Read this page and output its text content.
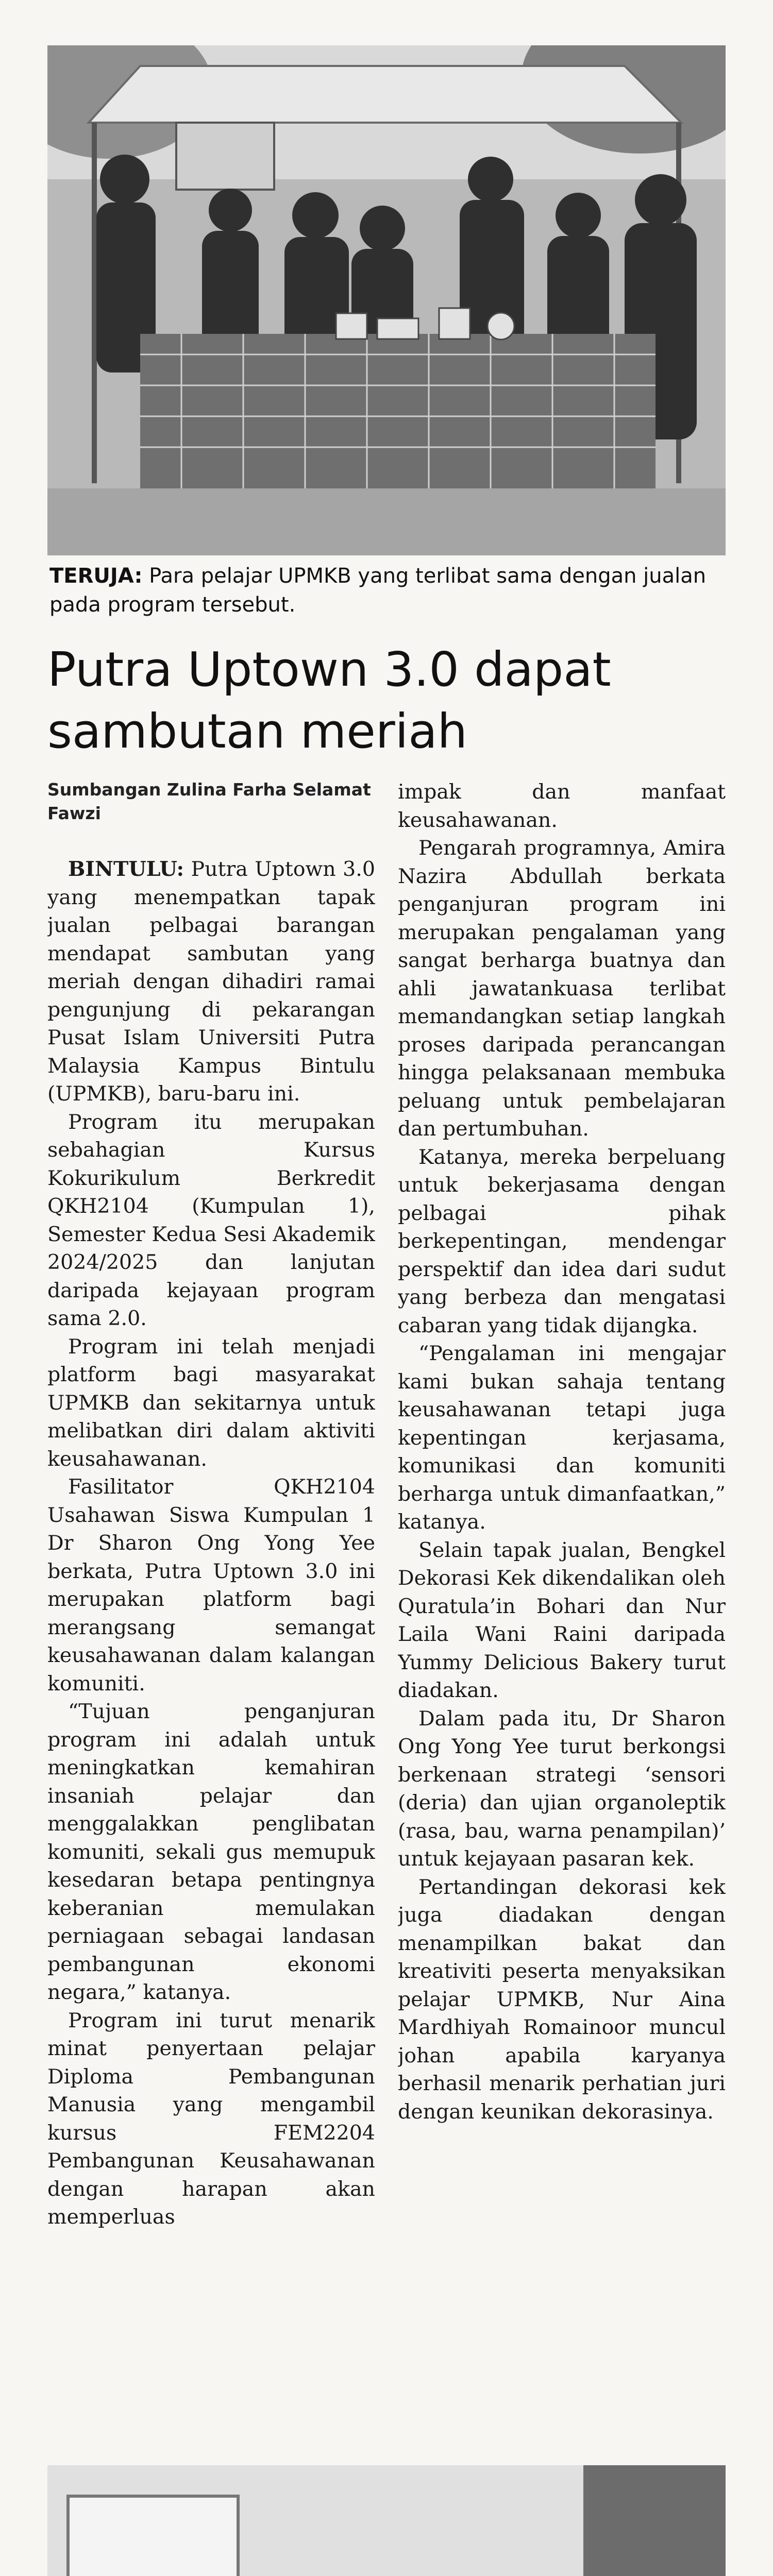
TERUJA: Para pelajar UPMKB yang terlibat sama dengan jualan pada program tersebut.
Putra Uptown 3.0 dapat sambutan meriah
Sumbangan Zulina Farha Selamat Fawzi

BINTULU: Putra Uptown 3.0 yang menempatkan tapak jualan pelbagai barangan mendapat sambutan yang meriah dengan dihadiri ramai pengunjung di pekarangan Pusat Islam Universiti Putra Malaysia Kampus Bintulu (UPMKB), baru-baru ini.

Program itu merupakan sebahagian Kursus Kokurikulum Berkredit QKH2104 (Kumpulan 1), Semester Kedua Sesi Akademik 2024/2025 dan lanjutan daripada kejayaan program sama 2.0.

Program ini telah menjadi platform bagi masyarakat UPMKB dan sekitarnya untuk melibatkan diri dalam aktiviti keusahawanan.

Fasilitator QKH2104 Usahawan Siswa Kumpulan 1 Dr Sharon Ong Yong Yee berkata, Putra Uptown 3.0 ini merupakan platform bagi merangsang semangat keusahawanan dalam kalangan komuniti.

“Tujuan penganjuran program ini adalah untuk meningkatkan kemahiran insaniah pelajar dan menggalakkan penglibatan komuniti, sekali gus memupuk kesedaran betapa pentingnya keberanian memulakan perniagaan sebagai landasan pembangunan ekonomi negara,” katanya.

Program ini turut menarik minat penyertaan pelajar Diploma Pembangunan Manusia yang mengambil kursus FEM2204 Pembangunan Keusahawanan dengan harapan akan memperluas

impak dan manfaat keusahawanan.

Pengarah programnya, Amira Nazira Abdullah berkata penganjuran program ini merupakan pengalaman yang sangat berharga buatnya dan ahli jawatankuasa terlibat memandangkan setiap langkah proses daripada perancangan hingga pelaksanaan membuka peluang untuk pembelajaran dan pertumbuhan.

Katanya, mereka berpeluang untuk bekerjasama dengan pelbagai pihak berkepentingan, mendengar perspektif dan idea dari sudut yang berbeza dan mengatasi cabaran yang tidak dijangka.

“Pengalaman ini mengajar kami bukan sahaja tentang keusahawanan tetapi juga kepentingan kerjasama, komunikasi dan komuniti berharga untuk dimanfaatkan,” katanya.

Selain tapak jualan, Bengkel Dekorasi Kek dikendalikan oleh Quratula’in Bohari dan Nur Laila Wani Raini daripada Yummy Delicious Bakery turut diadakan.

Dalam pada itu, Dr Sharon Ong Yong Yee turut berkongsi berkenaan strategi ‘sensori (deria) dan ujian organoleptik (rasa, bau, warna penampilan)’ untuk kejayaan pasaran kek.

Pertandingan dekorasi kek juga diadakan dengan menampilkan bakat dan kreativiti peserta menyaksikan pelajar UPMKB, Nur Aina Mardhiyah Romainoor muncul johan apabila karyanya berhasil menarik perhatian juri dengan keunikan dekorasinya.
